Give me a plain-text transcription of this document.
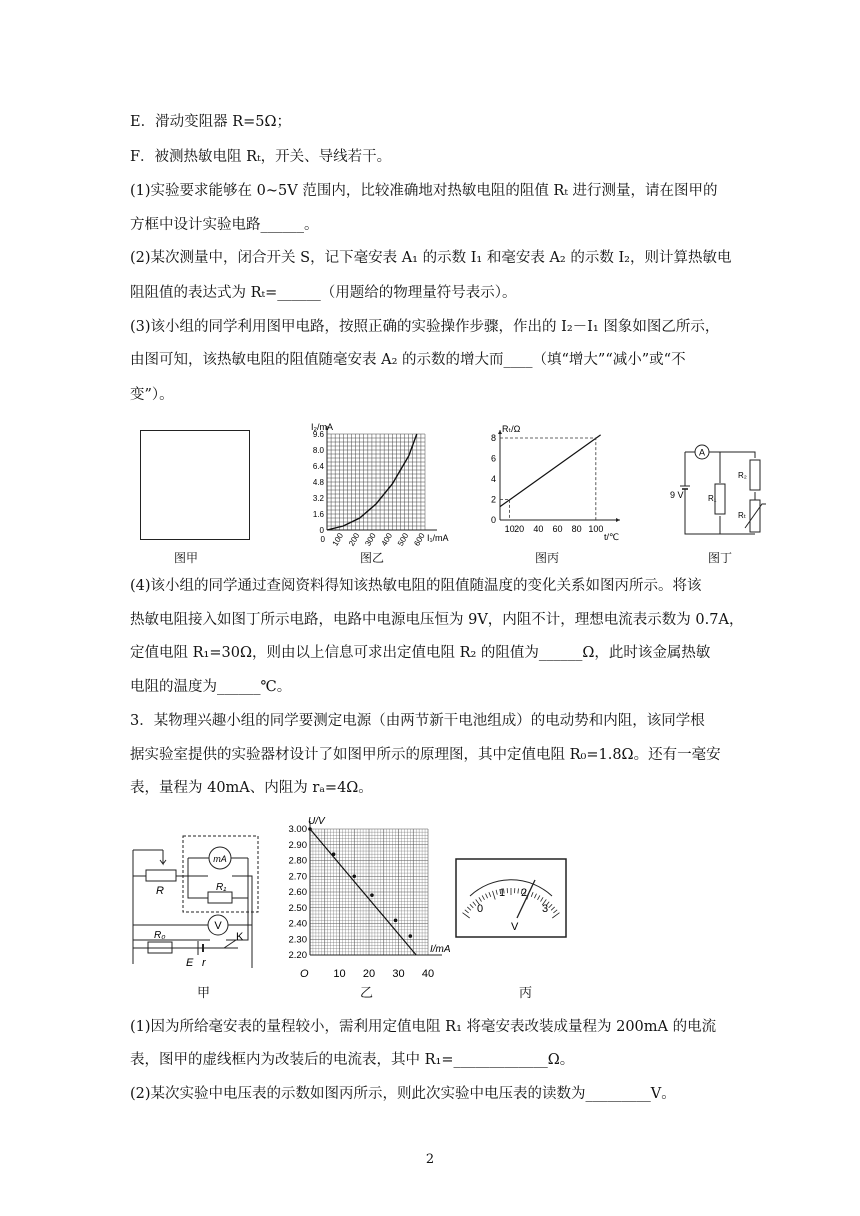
E．滑动变阻器 R=5Ω；
F．被测热敏电阻 Rₜ，开关、导线若干。
(1)实验要求能够在 0~5V 范围内，比较准确地对热敏电阻的阻值 Rₜ 进行测量，请在图甲的
方框中设计实验电路______。
(2)某次测量中，闭合开关 S，记下毫安表 A₁ 的示数 I₁ 和毫安表 A₂ 的示数 I₂，则计算热敏电
阻阻值的表达式为 Rₜ=______（用题给的物理量符号表示）。
(3)该小组的同学利用图甲电路，按照正确的实验操作步骤，作出的 I₂－I₁ 图象如图乙所示，
由图可知，该热敏电阻的阻值随毫安表 A₂ 的示数的增大而____（填“增大”“减小”或“不
变”）。
(4)该小组的同学通过查阅资料得知该热敏电阻的阻值随温度的变化关系如图丙所示。将该
热敏电阻接入如图丁所示电路，电路中电源电压恒为 9V，内阻不计，理想电流表示数为 0.7A，
定值电阻 R₁=30Ω，则由以上信息可求出定值电阻 R₂ 的阻值为______Ω，此时该金属热敏
电阻的温度为______℃。
3．某物理兴趣小组的同学要测定电源（由两节新干电池组成）的电动势和内阻，该同学根
据实验室提供的实验器材设计了如图甲所示的原理图，其中定值电阻 R₀=1.8Ω。还有一毫安
表，量程为 40mA、内阻为 rₐ=4Ω。
(1)因为所给毫安表的量程较小，需利用定值电阻 R₁ 将毫安表改装成量程为 200mA 的电流
表，图甲的虚线框内为改装后的电流表，其中 R₁=_____________Ω。
(2)某次实验中电压表的示数如图丙所示，则此次实验中电压表的读数为_________V。
图甲
I₂/mA
I₁/mA
0
1.6
3.2
4.8
6.4
8.0
9.6
100 200 300 400 500 600
0
图乙
Rₜ/Ω
t/℃
0
2
4
6
8
10 20 40 60 80 100
图丙
A
9 V	R₁
R₂
Rₜ
图丁
mA
V
R	R₁
R₀	K
E r
甲
U/V
I/mA
3.00
2.90
2.80
2.70
2.60
2.50
2.40
2.30
2.20
10 20 30 40
O
乙
0
1 2
3
V
丙
2
